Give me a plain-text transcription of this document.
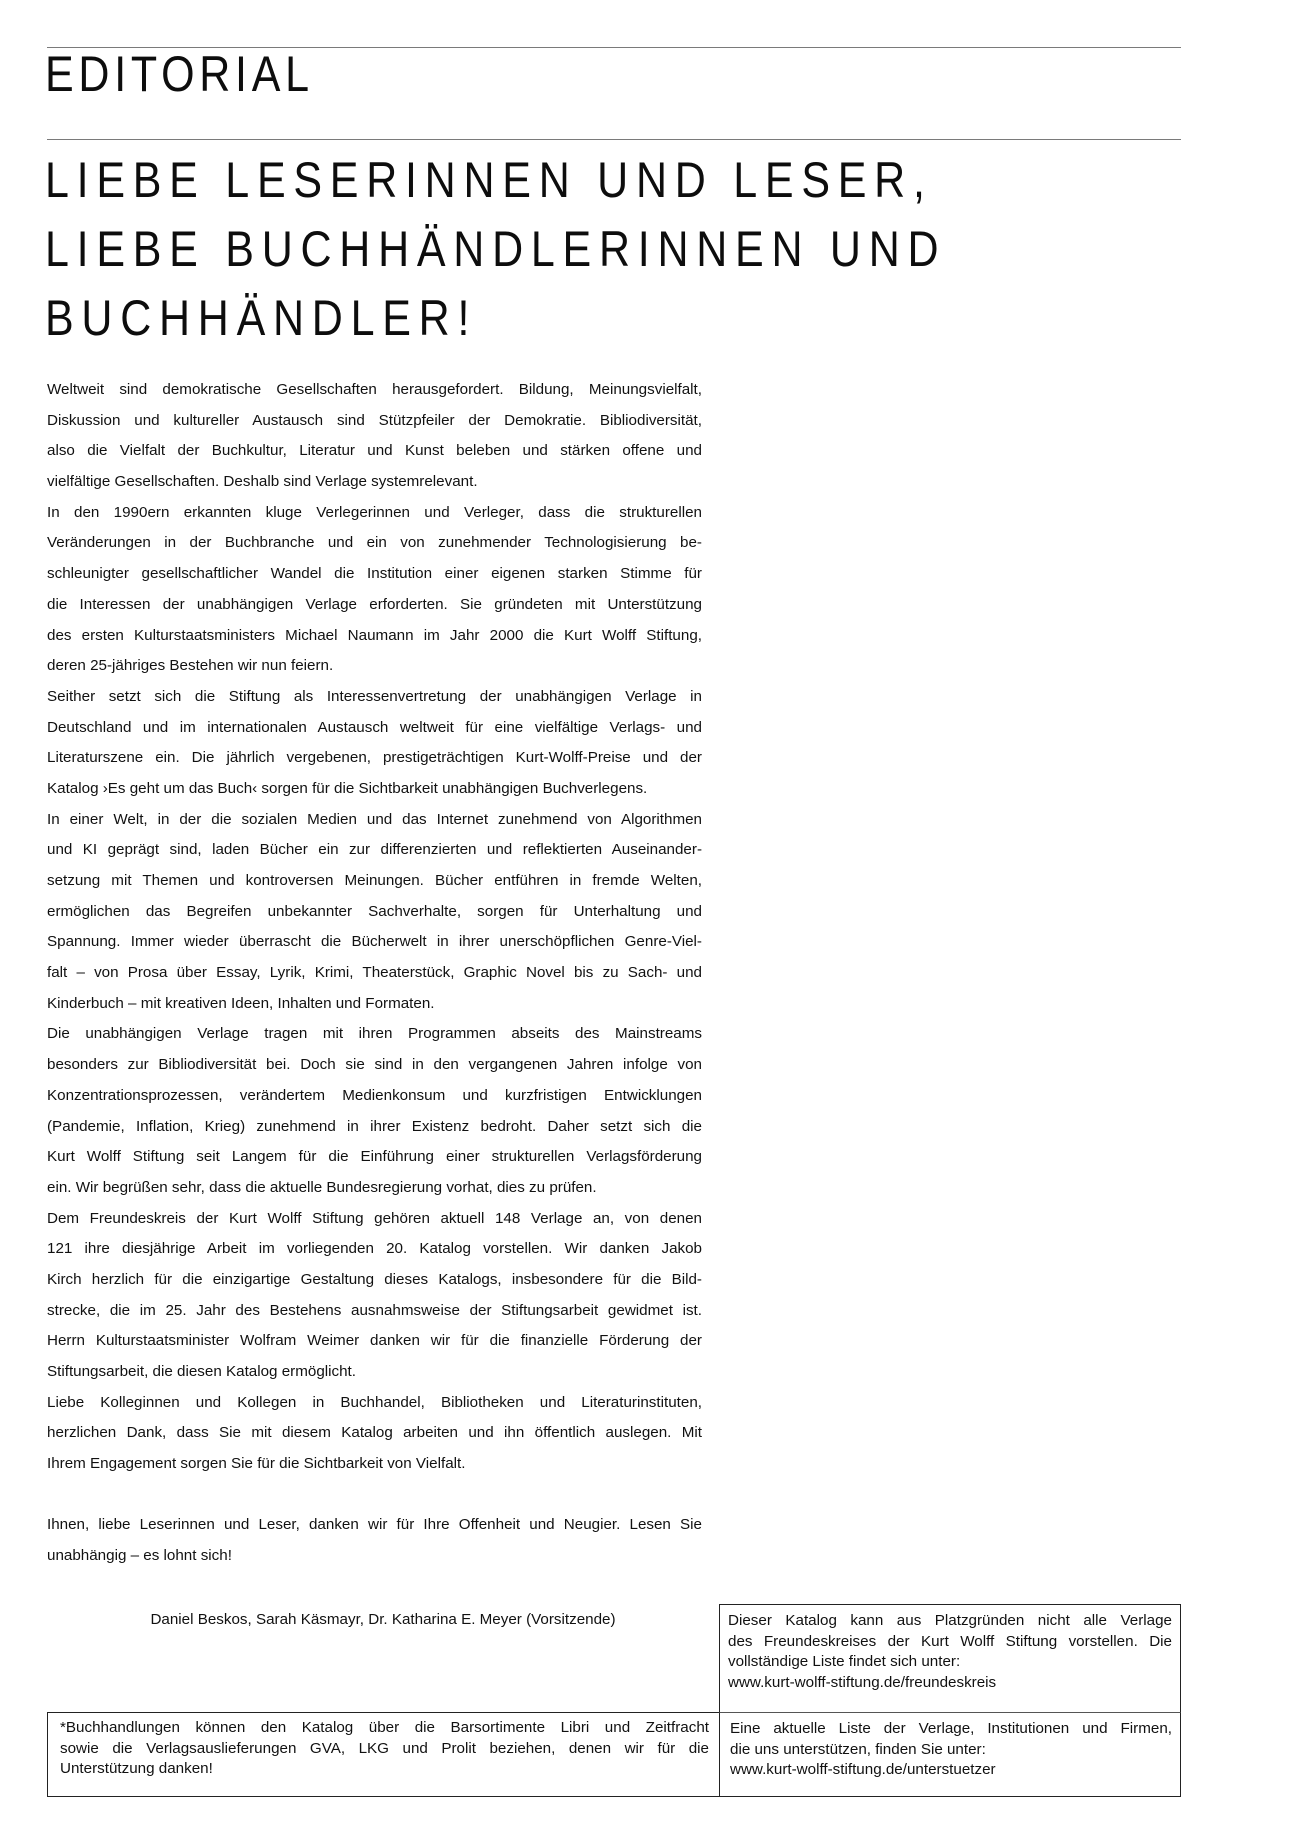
EDITORIAL
LIEBE LESERINNEN UND LESER,
LIEBE BUCHHÄNDLERINNEN UND
BUCHHÄNDLER!
Weltweit sind demokratische Gesellschaften herausgefordert. Bildung, Meinungsvielfalt,
Diskussion und kultureller Austausch sind Stützpfeiler der Demokratie. Bibliodiversität,
also die Vielfalt der Buchkultur, Literatur und Kunst beleben und stärken offene und
vielfältige Gesellschaften. Deshalb sind Verlage systemrelevant.
In den 1990ern erkannten kluge Verlegerinnen und Verleger, dass die strukturellen
Veränderungen in der Buchbranche und ein von zunehmender Technologisierung be-
schleunigter gesellschaftlicher Wandel die Institution einer eigenen starken Stimme für
die Interessen der unabhängigen Verlage erforderten. Sie gründeten mit Unterstützung
des ersten Kulturstaatsministers Michael Naumann im Jahr 2000 die Kurt Wolff Stiftung,
deren 25-jähriges Bestehen wir nun feiern.
Seither setzt sich die Stiftung als Interessenvertretung der unabhängigen Verlage in
Deutschland und im internationalen Austausch weltweit für eine vielfältige Verlags- und
Literaturszene ein. Die jährlich vergebenen, prestigeträchtigen Kurt-Wolff-Preise und der
Katalog ›Es geht um das Buch‹ sorgen für die Sichtbarkeit unabhängigen Buchverlegens.
In einer Welt, in der die sozialen Medien und das Internet zunehmend von Algorithmen
und KI geprägt sind, laden Bücher ein zur differenzierten und reflektierten Auseinander-
setzung mit Themen und kontroversen Meinungen. Bücher entführen in fremde Welten,
ermöglichen das Begreifen unbekannter Sachverhalte, sorgen für Unterhaltung und
Spannung. Immer wieder überrascht die Bücherwelt in ihrer unerschöpflichen Genre-Viel-
falt – von Prosa über Essay, Lyrik, Krimi, Theaterstück, Graphic Novel bis zu Sach- und
Kinderbuch – mit kreativen Ideen, Inhalten und Formaten.
Die unabhängigen Verlage tragen mit ihren Programmen abseits des Mainstreams
besonders zur Bibliodiversität bei. Doch sie sind in den vergangenen Jahren infolge von
Konzentrationsprozessen, verändertem Medienkonsum und kurzfristigen Entwicklungen
(Pandemie, Inflation, Krieg) zunehmend in ihrer Existenz bedroht. Daher setzt sich die
Kurt Wolff Stiftung seit Langem für die Einführung einer strukturellen Verlagsförderung
ein. Wir begrüßen sehr, dass die aktuelle Bundesregierung vorhat, dies zu prüfen.
Dem Freundeskreis der Kurt Wolff Stiftung gehören aktuell 148 Verlage an, von denen
121 ihre diesjährige Arbeit im vorliegenden 20. Katalog vorstellen. Wir danken Jakob
Kirch herzlich für die einzigartige Gestaltung dieses Katalogs, insbesondere für die Bild-
strecke, die im 25. Jahr des Bestehens ausnahmsweise der Stiftungsarbeit gewidmet ist.
Herrn Kulturstaatsminister Wolfram Weimer danken wir für die finanzielle Förderung der
Stiftungsarbeit, die diesen Katalog ermöglicht.
Liebe Kolleginnen und Kollegen in Buchhandel, Bibliotheken und Literaturinstituten,
herzlichen Dank, dass Sie mit diesem Katalog arbeiten und ihn öffentlich auslegen. Mit
Ihrem Engagement sorgen Sie für die Sichtbarkeit von Vielfalt.
Ihnen, liebe Leserinnen und Leser, danken wir für Ihre Offenheit und Neugier. Lesen Sie
unabhängig – es lohnt sich!
Daniel Beskos, Sarah Käsmayr, Dr. Katharina E. Meyer (Vorsitzende)	Dieser Katalog kann aus Platzgründen nicht alle Verlage
des Freundeskreises der Kurt Wolff Stiftung vorstellen. Die
vollständige Liste findet sich unter:
www.kurt-wolff-stiftung.de/freundeskreis
*Buchhandlungen können den Katalog über die Barsortimente Libri und Zeitfracht
sowie die Verlagsauslieferungen GVA, LKG und Prolit beziehen, denen wir für die
Unterstützung danken!
Eine aktuelle Liste der Verlage, Institutionen und Firmen,
die uns unterstützen, finden Sie unter:
www.kurt-wolff-stiftung.de/unterstuetzer
